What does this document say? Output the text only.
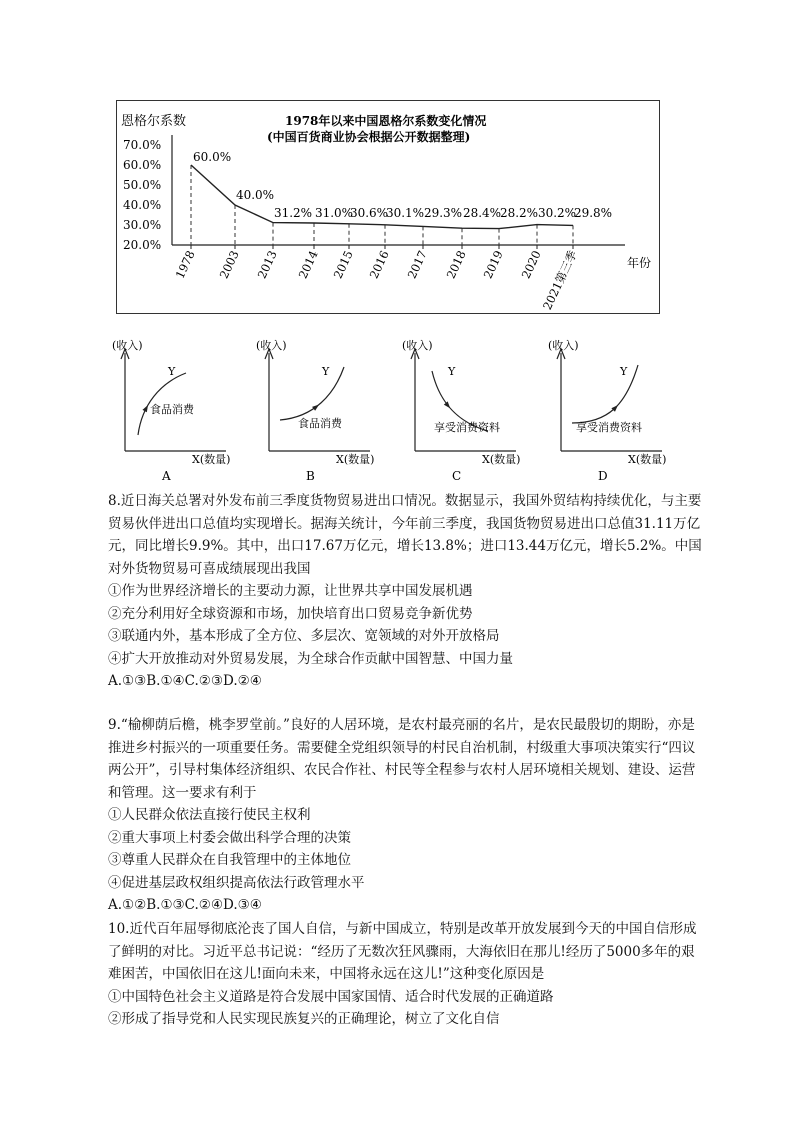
恩格尔系数	1978年以来中国恩格尔系数变化情况
(中国百货商业协会根据公开数据整理)
年份
20.0%
30.0%
40.0%
50.0%
60.0%
70.0%
1978 2003 2013 2014 2015 2016 2017 2018 2019 2020
2021第三季
60.0%
40.0%
31.2% 31.0%
30.6%
30.1% 29.3% 28.4%
28.2% 30.2%
29.8%
(收入)
X(数量)
Y
食品消费
A
(收入)
X(数量)
Y
食品消费
B
(收入)
X(数量)
Y
享受消费资料
C
(收入)
X(数量)
Y
享受消费资料
D

8.近日海关总署对外发布前三季度货物贸易进出口情况。数据显示，我国外贸结构持续优化，与主要贸易伙伴进出口总值均实现增长。据海关统计，今年前三季度，我国货物贸易进出口总值31.11万亿元，同比增长9.9%。其中，出口17.67万亿元，增长13.8%；进口13.44万亿元，增长5.2%。中国对外货物贸易可喜成绩展现出我国

①作为世界经济增长的主要动力源，让世界共享中国发展机遇
②充分利用好全球资源和市场，加快培育出口贸易竞争新优势
③联通内外，基本形成了全方位、多层次、宽领域的对外开放格局
④扩大开放推动对外贸易发展，为全球合作贡献中国智慧、中国力量
A.①③B.①④C.②③D.②④

9.“榆柳荫后檐，桃李罗堂前。”良好的人居环境，是农村最亮丽的名片，是农民最殷切的期盼，亦是推进乡村振兴的一项重要任务。需要健全党组织领导的村民自治机制，村级重大事项决策实行“四议两公开”，引导村集体经济组织、农民合作社、村民等全程参与农村人居环境相关规划、建设、运营和管理。这一要求有利于

①人民群众依法直接行使民主权利
②重大事项上村委会做出科学合理的决策
③尊重人民群众在自我管理中的主体地位
④促进基层政权组织提高依法行政管理水平
A.①②B.①③C.②④D.③④

10.近代百年屈辱彻底沦丧了国人自信，与新中国成立，特别是改革开放发展到今天的中国自信形成了鲜明的对比。习近平总书记说：“经历了无数次狂风骤雨，大海依旧在那儿!经历了5000多年的艰难困苦，中国依旧在这儿!面向未来，中国将永远在这儿!”这种变化原因是

①中国特色社会主义道路是符合发展中国家国情、适合时代发展的正确道路
②形成了指导党和人民实现民族复兴的正确理论，树立了文化自信
